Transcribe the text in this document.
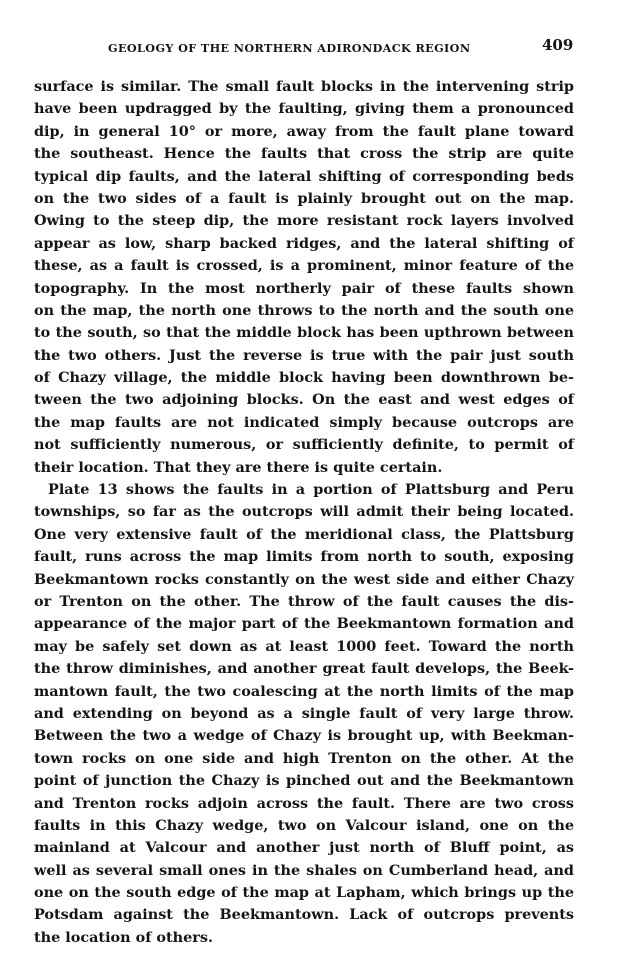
GEOLOGY OF THE NORTHERN ADIRONDACK REGION	409
surface is similar. The small fault blocks in the intervening strip
have been updragged by the faulting, giving them a pronounced
dip, in general 10° or more, away from the fault plane toward
the southeast. Hence the faults that cross the strip are quite
typical dip faults, and the lateral shifting of corresponding beds
on the two sides of a fault is plainly brought out on the map.
Owing to the steep dip, the more resistant rock layers involved
appear as low, sharp backed ridges, and the lateral shifting of
these, as a fault is crossed, is a prominent, minor feature of the
topography. In the most northerly pair of these faults shown
on the map, the north one throws to the north and the south one
to the south, so that the middle block has been upthrown between
the two others. Just the reverse is true with the pair just south
of Chazy village, the middle block having been downthrown be-
tween the two adjoining blocks. On the east and west edges of
the map faults are not indicated simply because outcrops are
not sufficiently numerous, or sufficiently definite, to permit of
their location. That they are there is quite certain.
Plate 13 shows the faults in a portion of Plattsburg and Peru
townships, so far as the outcrops will admit their being located.
One very extensive fault of the meridional class, the Plattsburg
fault, runs across the map limits from north to south, exposing
Beekmantown rocks constantly on the west side and either Chazy
or Trenton on the other. The throw of the fault causes the dis-
appearance of the major part of the Beekmantown formation and
may be safely set down as at least 1000 feet. Toward the north
the throw diminishes, and another great fault develops, the Beek-
mantown fault, the two coalescing at the north limits of the map
and extending on beyond as a single fault of very large throw.
Between the two a wedge of Chazy is brought up, with Beekman-
town rocks on one side and high Trenton on the other. At the
point of junction the Chazy is pinched out and the Beekmantown
and Trenton rocks adjoin across the fault. There are two cross
faults in this Chazy wedge, two on Valcour island, one on the
mainland at Valcour and another just north of Bluff point, as
well as several small ones in the shales on Cumberland head, and
one on the south edge of the map at Lapham, which brings up the
Potsdam against the Beekmantown. Lack of outcrops prevents
the location of others.
